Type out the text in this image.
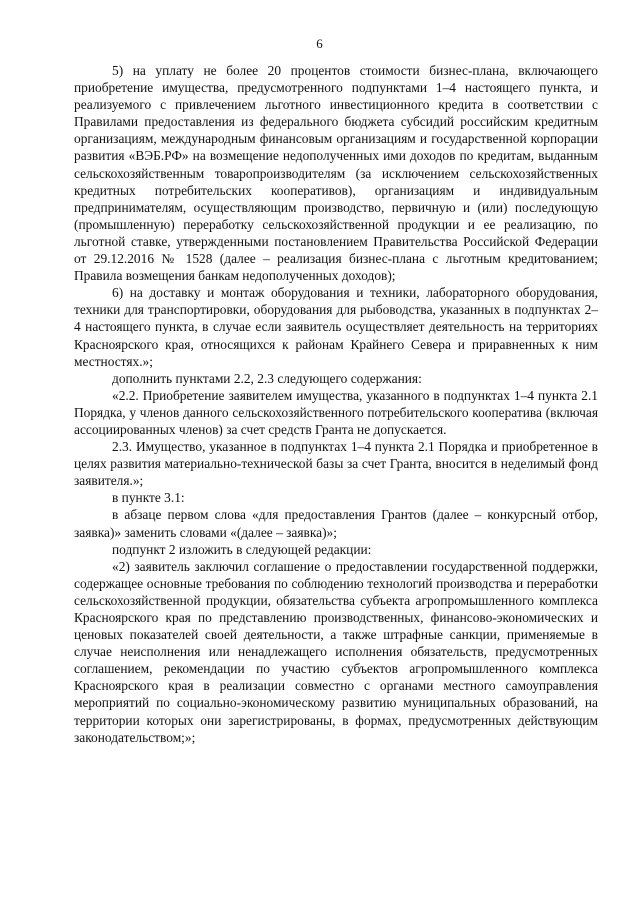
6

5) на уплату не более 20 процентов стоимости бизнес-плана, включающего приобретение имущества, предусмотренного подпунктами 1–4 настоящего пункта, и реализуемого с привлечением льготного инвестиционного кредита в соответствии с Правилами предоставления из федерального бюджета субсидий российским кредитным организациям, международным финансовым организациям и государственной корпорации развития «ВЭБ.РФ» на возмещение недополученных ими доходов по кредитам, выданным сельскохозяйственным товаропроизводителям (за исключением сельскохозяйственных кредитных потребительских кооперативов), организациям и индивидуальным предпринимателям, осуществляющим производство, первичную и (или) последующую (промышленную) переработку сельскохозяйственной продукции и ее реализацию, по льготной ставке, утвержденными постановлением Правительства Российской Федерации от 29.12.2016 № 1528 (далее – реализация бизнес-плана с льготным кредитованием; Правила возмещения банкам недополученных доходов);

6) на доставку и монтаж оборудования и техники, лабораторного оборудования, техники для транспортировки, оборудования для рыбоводства, указанных в подпунктах 2–4 настоящего пункта, в случае если заявитель осуществляет деятельность на территориях Красноярского края, относящихся к районам Крайнего Севера и приравненных к ним местностях.»;

дополнить пунктами 2.2, 2.3 следующего содержания:

«2.2. Приобретение заявителем имущества, указанного в подпунктах 1–4 пункта 2.1 Порядка, у членов данного сельскохозяйственного потребительского кооператива (включая ассоциированных членов) за счет средств Гранта не допускается.

2.3. Имущество, указанное в подпунктах 1–4 пункта 2.1 Порядка и приобретенное в целях развития материально-технической базы за счет Гранта, вносится в неделимый фонд заявителя.»;

в пункте 3.1:

в абзаце первом слова «для предоставления Грантов (далее – конкурсный отбор, заявка)» заменить словами «(далее – заявка)»;

подпункт 2 изложить в следующей редакции:

«2) заявитель заключил соглашение о предоставлении государственной поддержки, содержащее основные требования по соблюдению технологий производства и переработки сельскохозяйственной продукции, обязательства субъекта агропромышленного комплекса Красноярского края по представлению производственных, финансово-экономических и ценовых показателей своей деятельности, а также штрафные санкции, применяемые в случае неисполнения или ненадлежащего исполнения обязательств, предусмотренных соглашением, рекомендации по участию субъектов агропромышленного комплекса Красноярского края в реализации совместно с органами местного самоуправления мероприятий по социально-экономическому развитию муниципальных образований, на территории которых они зарегистрированы, в формах, предусмотренных действующим законодательством;»;
